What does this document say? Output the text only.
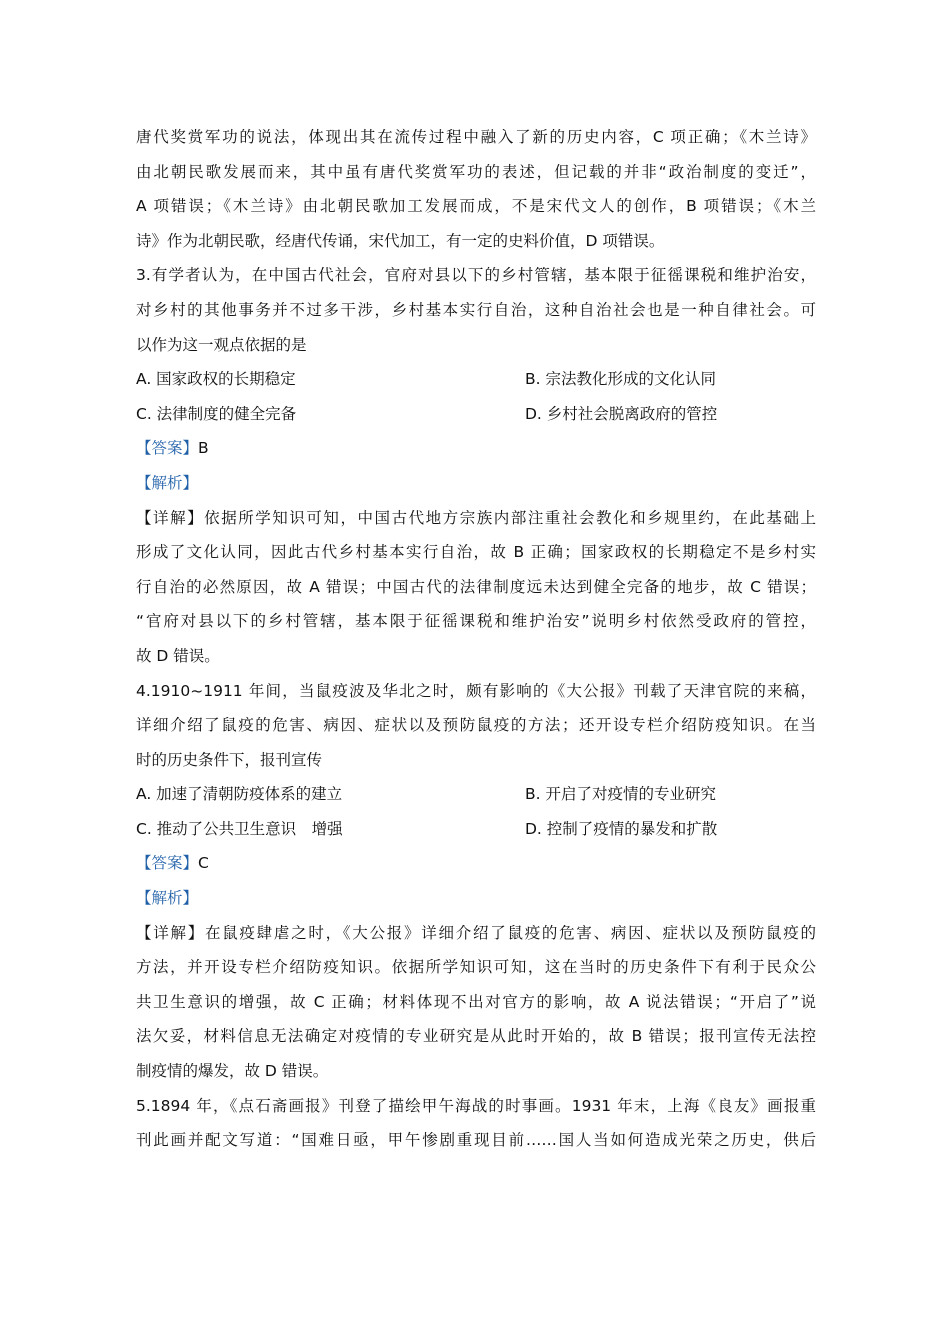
唐代奖赏军功的说法，体现出其在流传过程中融入了新的历史内容，C 项正确；《木兰诗》
由北朝民歌发展而来，其中虽有唐代奖赏军功的表述，但记载的并非“政治制度的变迁”，
A 项错误；《木兰诗》由北朝民歌加工发展而成，不是宋代文人的创作，B 项错误；《木兰
诗》作为北朝民歌，经唐代传诵，宋代加工，有一定的史料价值，D 项错误。
3.有学者认为，在中国古代社会，官府对县以下的乡村管辖，基本限于征徭课税和维护治安，
对乡村的其他事务并不过多干涉，乡村基本实行自治，这种自治社会也是一种自律社会。可
以作为这一观点依据的是
A. 国家政权的长期稳定	B. 宗法教化形成的文化认同
C. 法律制度的健全完备	D. 乡村社会脱离政府的管控
【答案】B
【解析】
【详解】依据所学知识可知，中国古代地方宗族内部注重社会教化和乡规里约，在此基础上
形成了文化认同，因此古代乡村基本实行自治，故 B 正确；国家政权的长期稳定不是乡村实
行自治的必然原因，故 A 错误；中国古代的法律制度远未达到健全完备的地步，故 C 错误；
“官府对县以下的乡村管辖，基本限于征徭课税和维护治安”说明乡村依然受政府的管控，
故 D 错误。
4.1910~1911 年间，当鼠疫波及华北之时，颇有影响的《大公报》刊载了天津官院的来稿，
详细介绍了鼠疫的危害、病因、症状以及预防鼠疫的方法；还开设专栏介绍防疫知识。在当
时的历史条件下，报刊宣传
A. 加速了清朝防疫体系的建立	B. 开启了对疫情的专业研究
C. 推动了公共卫生意识　增强	D. 控制了疫情的暴发和扩散
【答案】C
【解析】
【详解】在鼠疫肆虐之时，《大公报》详细介绍了鼠疫的危害、病因、症状以及预防鼠疫的
方法，并开设专栏介绍防疫知识。依据所学知识可知，这在当时的历史条件下有利于民众公
共卫生意识的增强，故 C 正确；材料体现不出对官方的影响，故 A 说法错误；“开启了”说
法欠妥，材料信息无法确定对疫情的专业研究是从此时开始的，故 B 错误；报刊宣传无法控
制疫情的爆发，故 D 错误。
5.1894 年，《点石斋画报》刊登了描绘甲午海战的时事画。1931 年末，上海《良友》画报重
刊此画并配文写道：“国难日亟，甲午惨剧重现目前……国人当如何造成光荣之历史，供后
